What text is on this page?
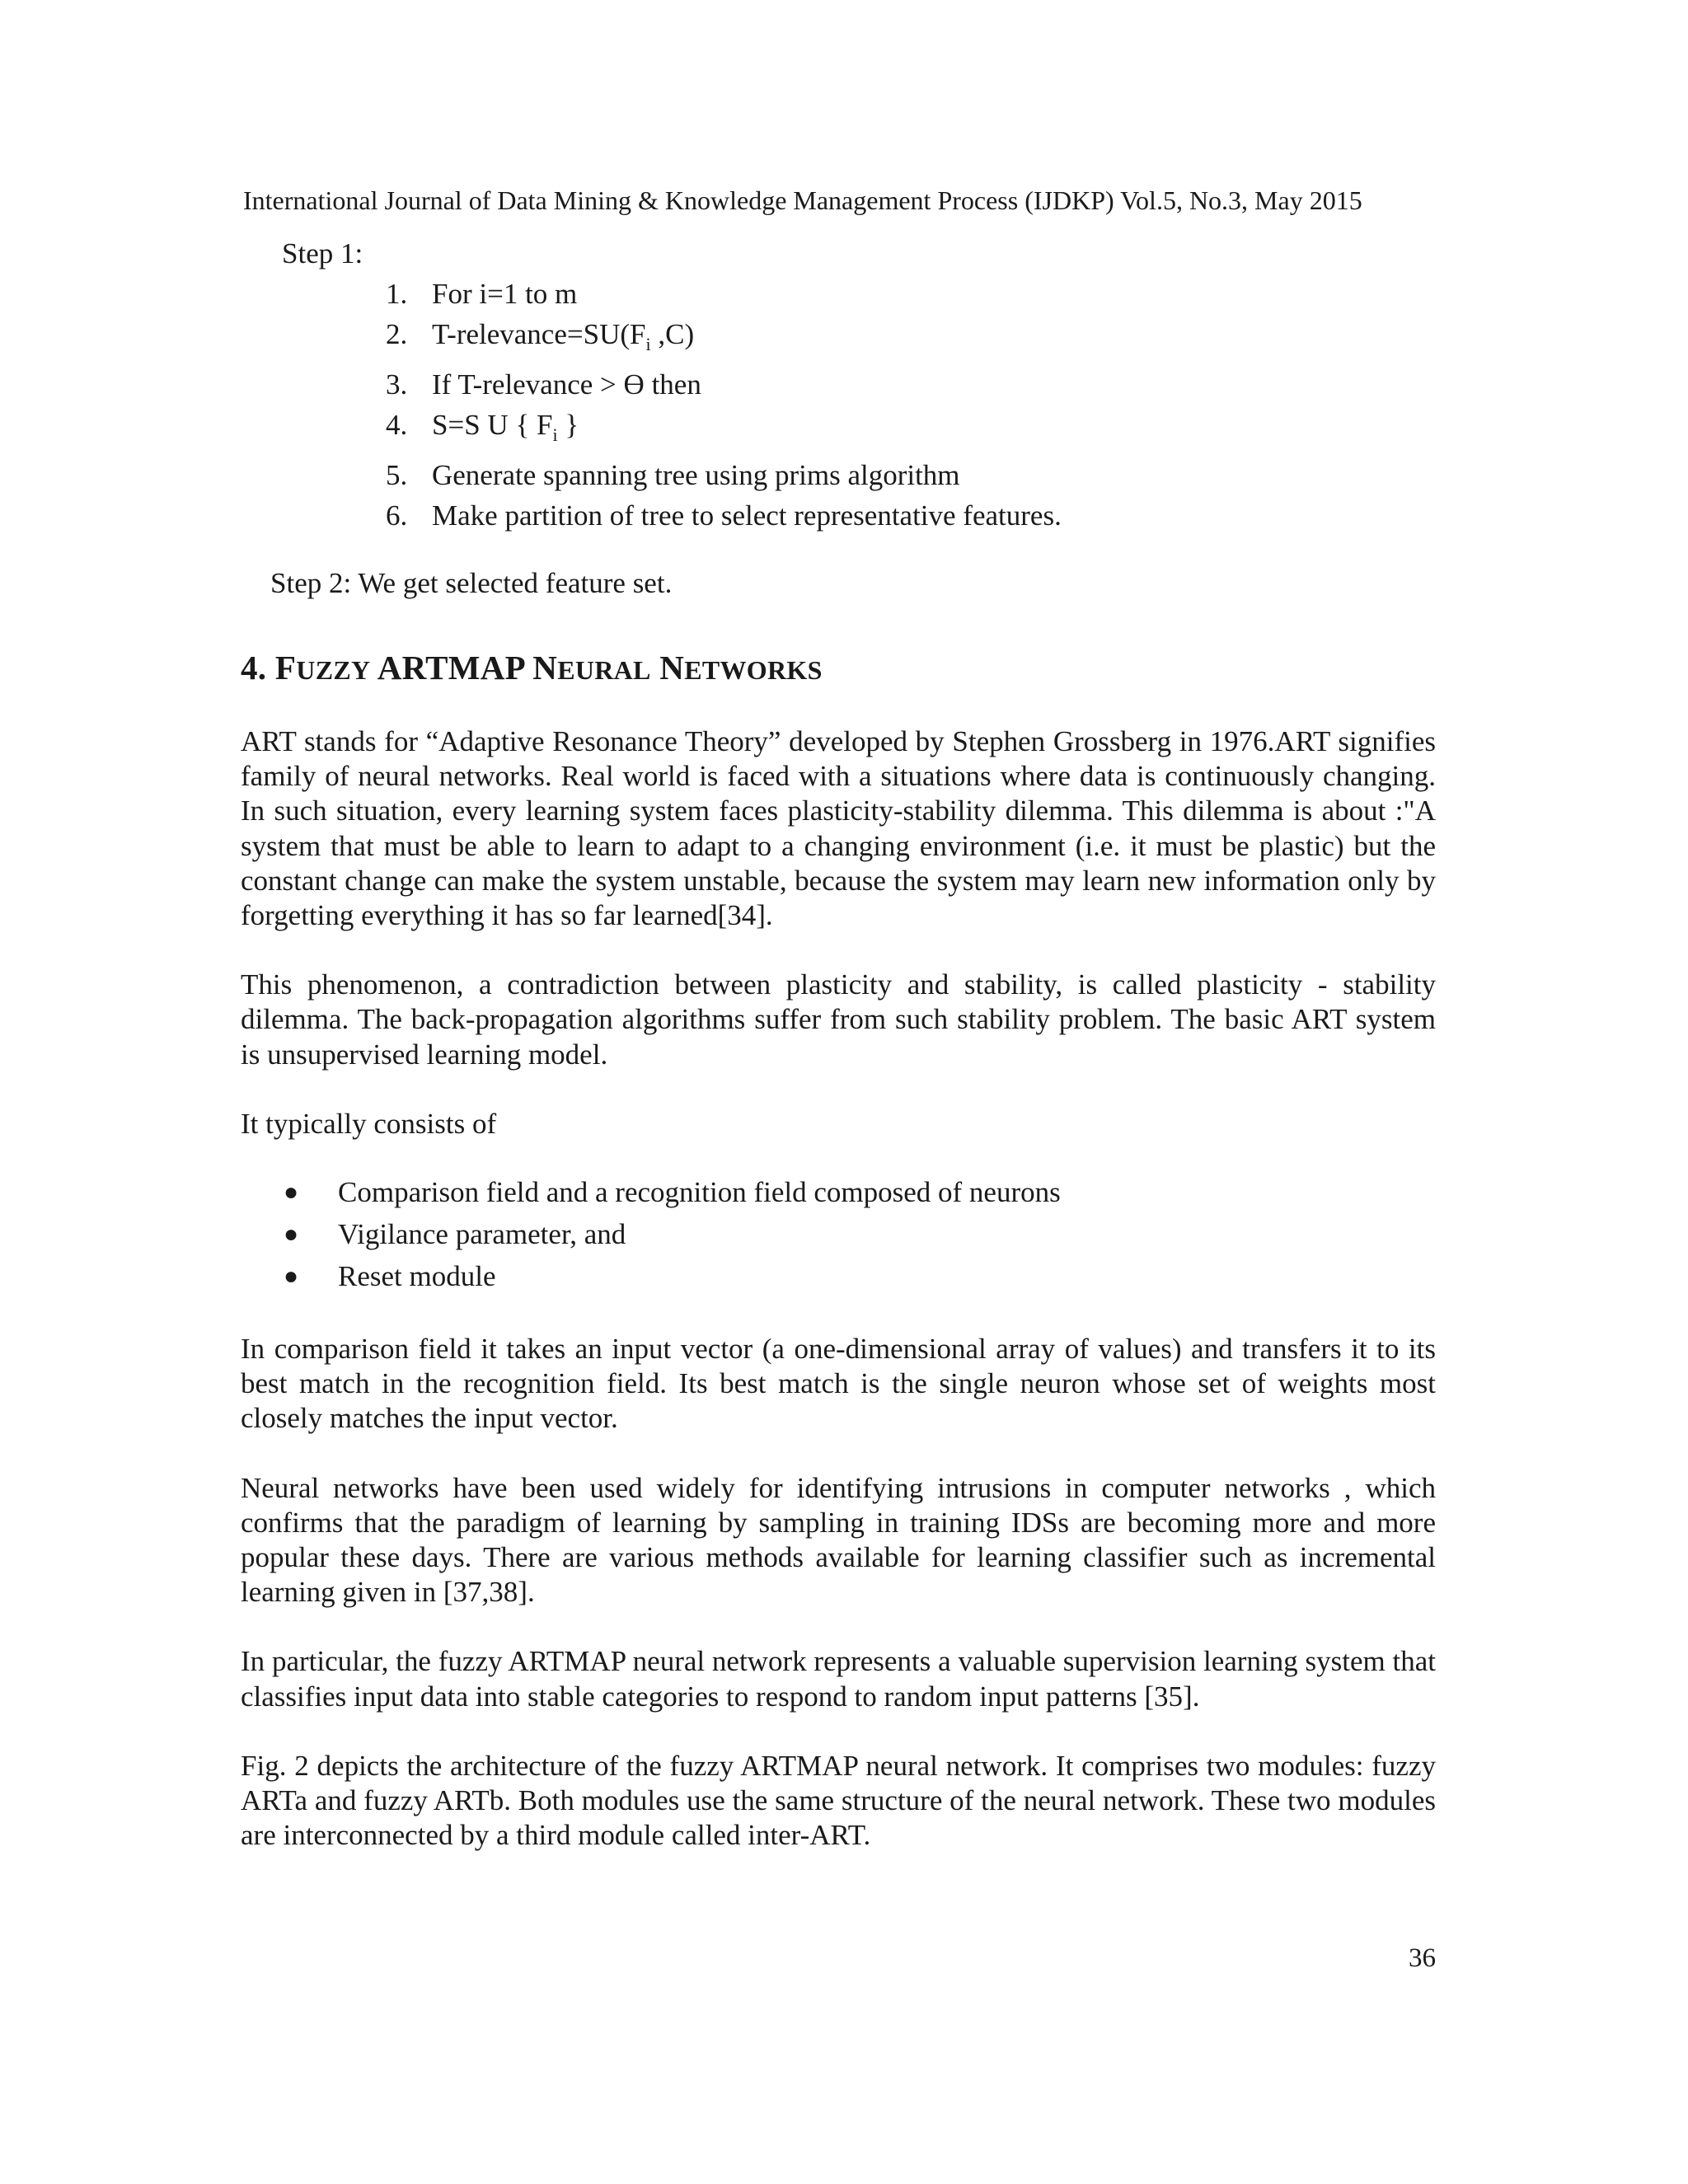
International Journal of Data Mining & Knowledge Management Process (IJDKP) Vol.5, No.3, May 2015
Step 1:
1. For i=1 to m
2. $T-relevance=SU(F_i$ ,C)
3. If T-relevance > Ɵ then
4. S=S U { $F_i$ }
5. Generate spanning tree using prims algorithm
6. Make partition of tree to select representative features.
Step 2: We get selected feature set.
4. FUZZY ARTMAP NEURAL NETWORKS

ART stands for “Adaptive Resonance Theory” developed by Stephen Grossberg in 1976.ART signifies family of neural networks. Real world is faced with a situations where data is continuously changing. In such situation, every learning system faces plasticity-stability dilemma. This dilemma is about :"A system that must be able to learn to adapt to a changing environment (i.e. it must be plastic) but the constant change can make the system unstable, because the system may learn new information only by forgetting everything it has so far learned[34].

This phenomenon, a contradiction between plasticity and stability, is called plasticity - stability dilemma. The back-propagation algorithms suffer from such stability problem. The basic ART system is unsupervised learning model.

It typically consists of

●	Comparison field and a recognition field composed of neurons
●	Vigilance parameter, and
●	Reset module

In comparison field it takes an input vector (a one-dimensional array of values) and transfers it to its best match in the recognition field. Its best match is the single neuron whose set of weights most closely matches the input vector.

Neural networks have been used widely for identifying intrusions in computer networks , which confirms that the paradigm of learning by sampling in training IDSs are becoming more and more popular these days. There are various methods available for learning classifier such as incremental learning given in [37,38].

In particular, the fuzzy ARTMAP neural network represents a valuable supervision learning system that classifies input data into stable categories to respond to random input patterns [35].

Fig. 2 depicts the architecture of the fuzzy ARTMAP neural network. It comprises two modules: fuzzy ARTa and fuzzy ARTb. Both modules use the same structure of the neural network. These two modules are interconnected by a third module called inter-ART.

36
